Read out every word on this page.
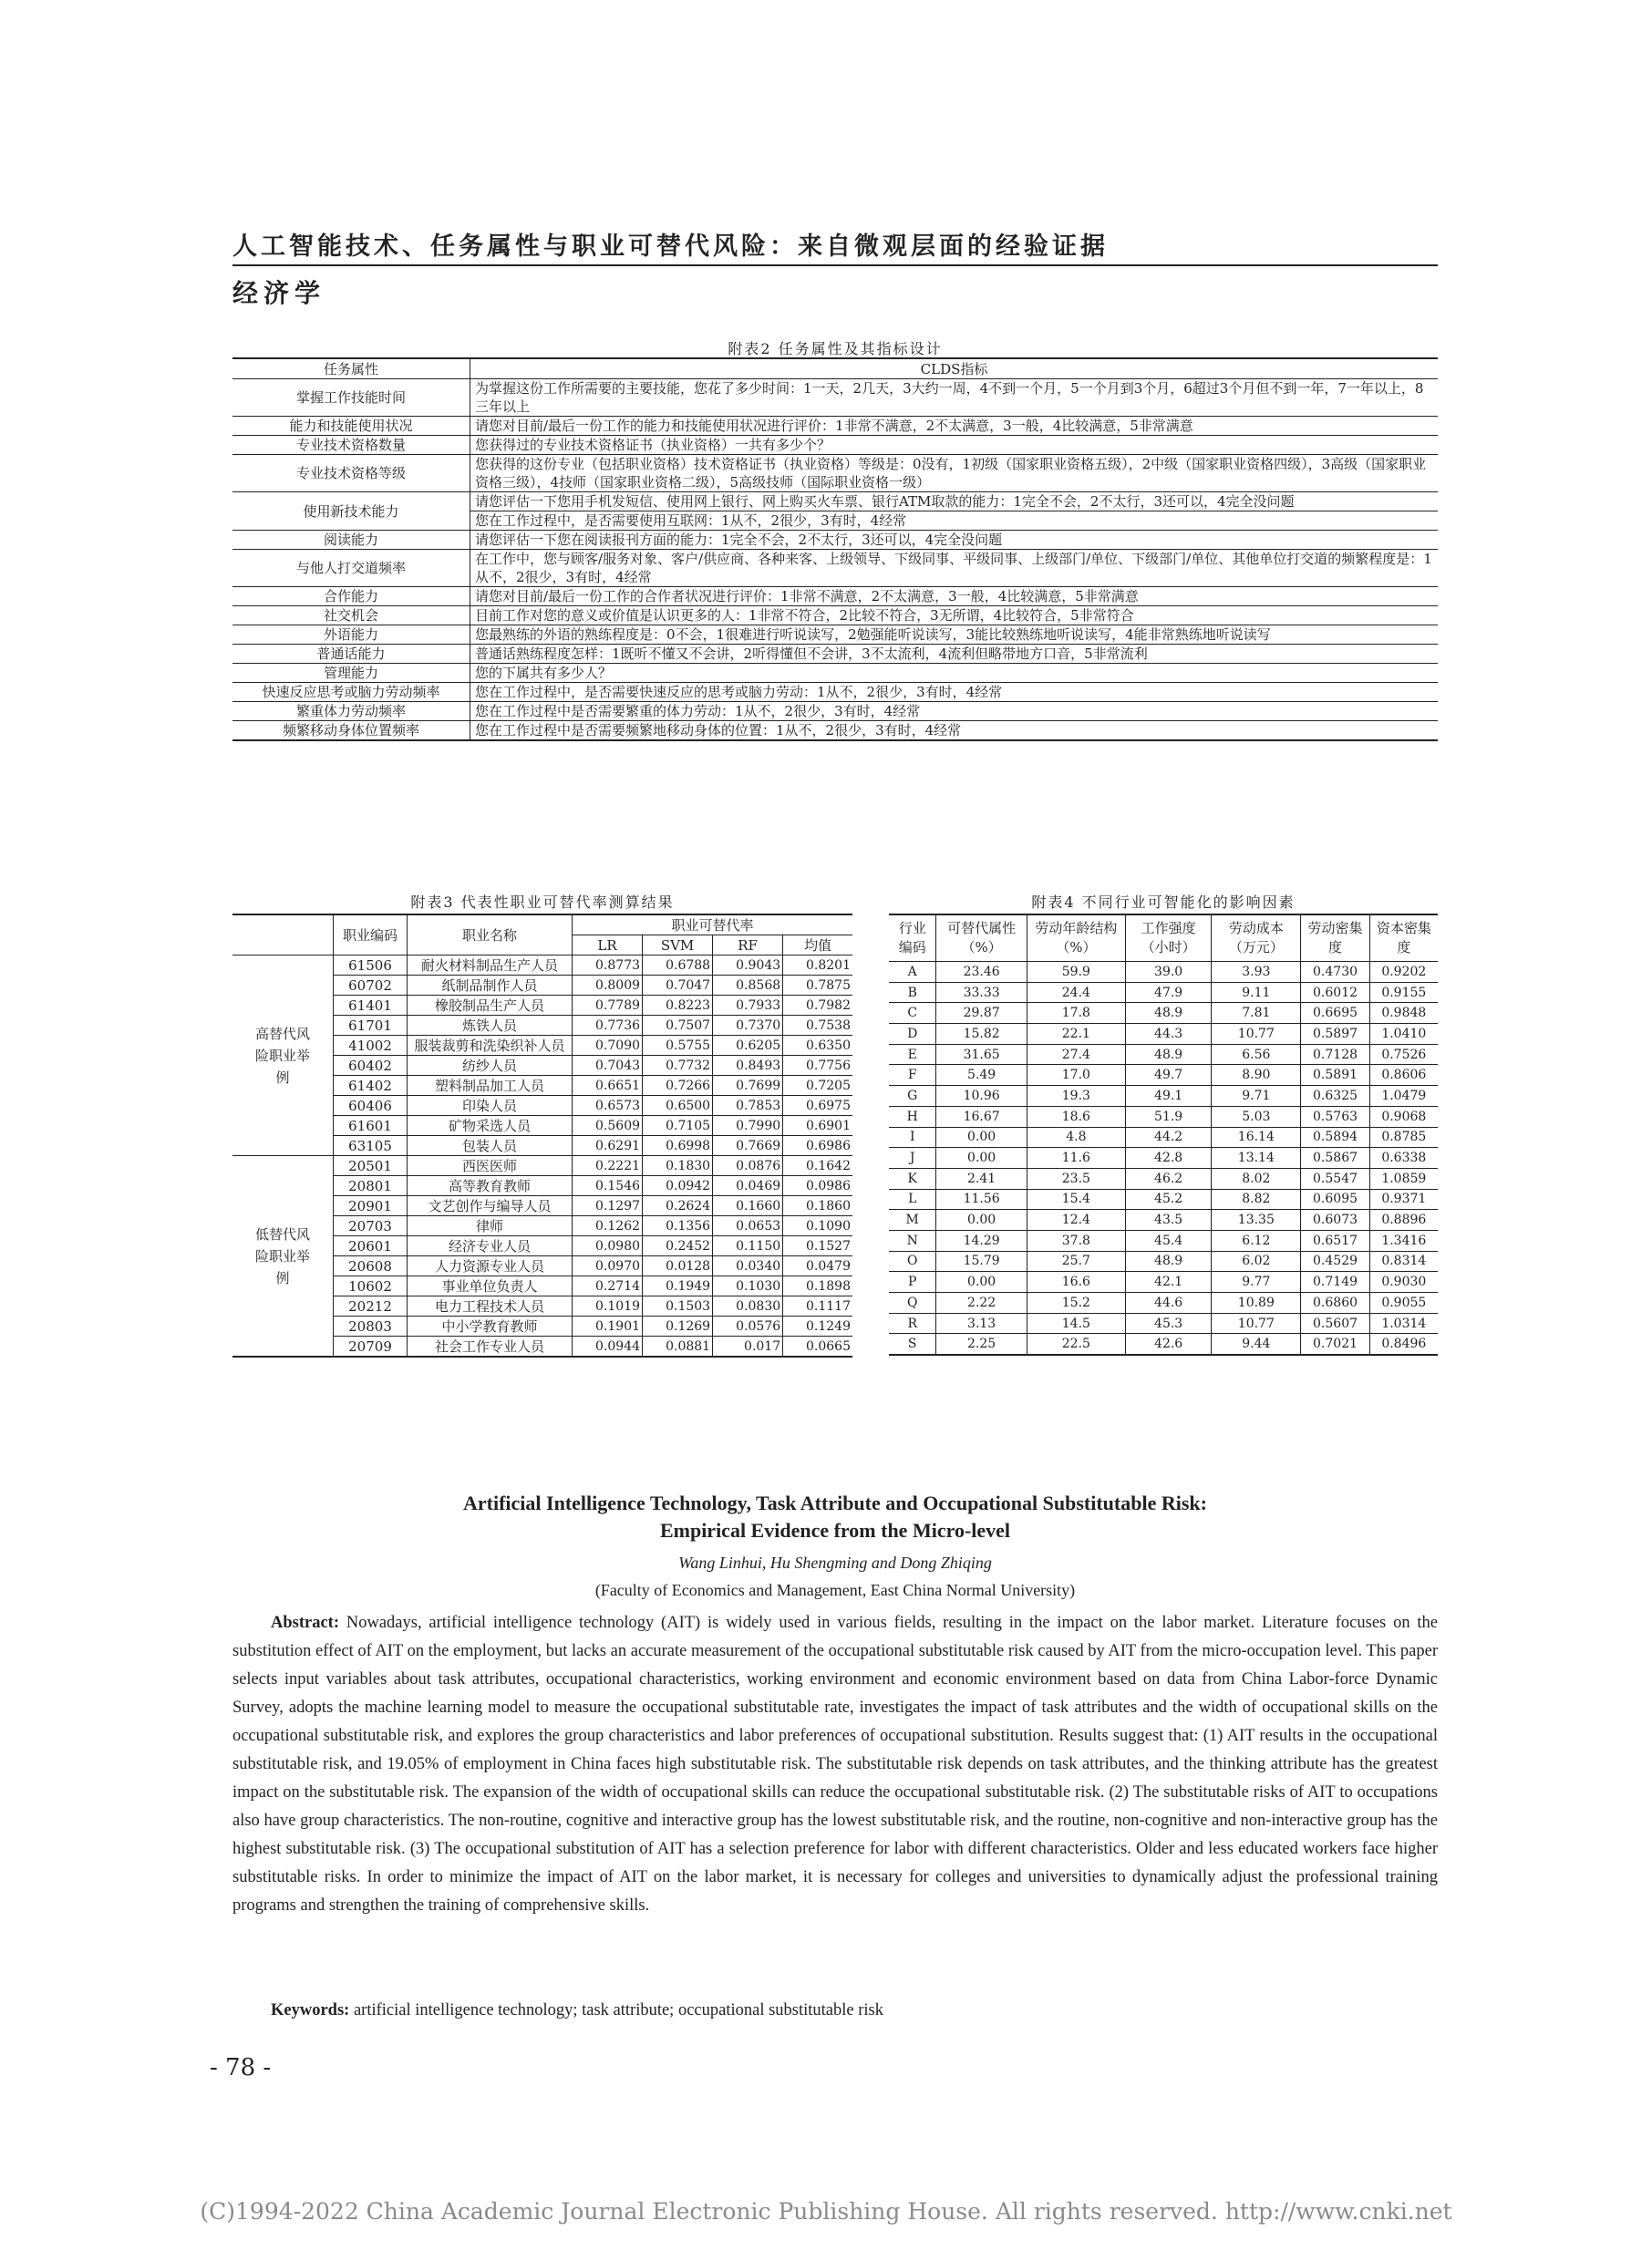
人工智能技术、任务属性与职业可替代风险：来自微观层面的经验证据
经济学
附表2 任务属性及其指标设计
任务属性	CLDS指标
掌握工作技能时间	为掌握这份工作所需要的主要技能，您花了多少时间：1一天，2几天，3大约一周，4不到一个月，5一个月到3个月，6超过3个月但不到一年，7一年以上，8三年以上
能力和技能使用状况	请您对目前/最后一份工作的能力和技能使用状况进行评价：1非常不满意，2不太满意，3一般，4比较满意，5非常满意
专业技术资格数量	您获得过的专业技术资格证书（执业资格）一共有多少个？
专业技术资格等级	您获得的这份专业（包括职业资格）技术资格证书（执业资格）等级是：0没有，1初级（国家职业资格五级），2中级（国家职业资格四级），3高级（国家职业资格三级），4技师（国家职业资格二级），5高级技师（国际职业资格一级）
使用新技术能力	请您评估一下您用手机发短信、使用网上银行、网上购买火车票、银行ATM取款的能力：1完全不会，2不太行，3还可以，4完全没问题
	您在工作过程中，是否需要使用互联网：1从不，2很少，3有时，4经常
阅读能力	请您评估一下您在阅读报刊方面的能力：1完全不会，2不太行，3还可以，4完全没问题
与他人打交道频率	在工作中，您与顾客/服务对象、客户/供应商、各种来客、上级领导、下级同事、平级同事、上级部门/单位、下级部门/单位、其他单位打交道的频繁程度是：1从不，2很少，3有时，4经常
合作能力	请您对目前/最后一份工作的合作者状况进行评价：1非常不满意，2不太满意，3一般，4比较满意，5非常满意
社交机会	目前工作对您的意义或价值是认识更多的人：1非常不符合，2比较不符合，3无所谓，4比较符合，5非常符合
外语能力	您最熟练的外语的熟练程度是：0不会，1很难进行听说读写，2勉强能听说读写，3能比较熟练地听说读写，4能非常熟练地听说读写
普通话能力	普通话熟练程度怎样：1既听不懂又不会讲，2听得懂但不会讲，3不太流利，4流利但略带地方口音，5非常流利
管理能力	您的下属共有多少人？
快速反应思考或脑力劳动频率	您在工作过程中，是否需要快速反应的思考或脑力劳动：1从不，2很少，3有时，4经常
繁重体力劳动频率	您在工作过程中是否需要繁重的体力劳动：1从不，2很少，3有时，4经常
频繁移动身体位置频率	您在工作过程中是否需要频繁地移动身体的位置：1从不，2很少，3有时，4经常
附表3 代表性职业可替代率测算结果
	职业编码	职业名称	职业可替代率			
			LR	SVM	RF	均值
高替代风险职业举例	61506	耐火材料制品生产人员	0.8773	0.6788	0.9043	0.8201
	60702	纸制品制作人员	0.8009	0.7047	0.8568	0.7875
	61401	橡胶制品生产人员	0.7789	0.8223	0.7933	0.7982
	61701	炼铁人员	0.7736	0.7507	0.7370	0.7538
	41002	服装裁剪和洗染织补人员	0.7090	0.5755	0.6205	0.6350
	60402	纺纱人员	0.7043	0.7732	0.8493	0.7756
	61402	塑料制品加工人员	0.6651	0.7266	0.7699	0.7205
	60406	印染人员	0.6573	0.6500	0.7853	0.6975
	61601	矿物采选人员	0.5609	0.7105	0.7990	0.6901
	63105	包装人员	0.6291	0.6998	0.7669	0.6986
低替代风险职业举例	20501	西医医师	0.2221	0.1830	0.0876	0.1642
	20801	高等教育教师	0.1546	0.0942	0.0469	0.0986
	20901	文艺创作与编导人员	0.1297	0.2624	0.1660	0.1860
	20703	律师	0.1262	0.1356	0.0653	0.1090
	20601	经济专业人员	0.0980	0.2452	0.1150	0.1527
	20608	人力资源专业人员	0.0970	0.0128	0.0340	0.0479
	10602	事业单位负责人	0.2714	0.1949	0.1030	0.1898
	20212	电力工程技术人员	0.1019	0.1503	0.0830	0.1117
	20803	中小学教育教师	0.1901	0.1269	0.0576	0.1249
	20709	社会工作专业人员	0.0944	0.0881	0.017	0.0665
附表4 不同行业可智能化的影响因素
行业编码	可替代属性（%）	劳动年龄结构（%）	工作强度（小时）	劳动成本（万元）	劳动密集度	资本密集度
A	23.46	59.9	39.0	3.93	0.4730	0.9202
B	33.33	24.4	47.9	9.11	0.6012	0.9155
C	29.87	17.8	48.9	7.81	0.6695	0.9848
D	15.82	22.1	44.3	10.77	0.5897	1.0410
E	31.65	27.4	48.9	6.56	0.7128	0.7526
F	5.49	17.0	49.7	8.90	0.5891	0.8606
G	10.96	19.3	49.1	9.71	0.6325	1.0479
H	16.67	18.6	51.9	5.03	0.5763	0.9068
I	0.00	4.8	44.2	16.14	0.5894	0.8785
J	0.00	11.6	42.8	13.14	0.5867	0.6338
K	2.41	23.5	46.2	8.02	0.5547	1.0859
L	11.56	15.4	45.2	8.82	0.6095	0.9371
M	0.00	12.4	43.5	13.35	0.6073	0.8896
N	14.29	37.8	45.4	6.12	0.6517	1.3416
O	15.79	25.7	48.9	6.02	0.4529	0.8314
P	0.00	16.6	42.1	9.77	0.7149	0.9030
Q	2.22	15.2	44.6	10.89	0.6860	0.9055
R	3.13	14.5	45.3	10.77	0.5607	1.0314
S	2.25	22.5	42.6	9.44	0.7021	0.8496
Artificial Intelligence Technology, Task Attribute and Occupational Substitutable Risk:
Empirical Evidence from the Micro-level
Wang Linhui, Hu Shengming and Dong Zhiqing
(Faculty of Economics and Management, East China Normal University)

Abstract: Nowadays, artificial intelligence technology (AIT) is widely used in various fields, resulting in the impact on the labor market. Literature focuses on the substitution effect of AIT on the employment, but lacks an accurate measurement of the occupational substitutable risk caused by AIT from the micro-occupation level. This paper selects input variables about task attributes, occupational characteristics, working environment and economic environment based on data from China Labor-force Dynamic Survey, adopts the machine learning model to measure the occupational substitutable rate, investigates the impact of task attributes and the width of occupational skills on the occupational substitutable risk, and explores the group characteristics and labor preferences of occupational substitution. Results suggest that: (1) AIT results in the occupational substitutable risk, and 19.05% of employment in China faces high substitutable risk. The substitutable risk depends on task attributes, and the thinking attribute has the greatest impact on the substitutable risk. The expansion of the width of occupational skills can reduce the occupational substitutable risk. (2) The substitutable risks of AIT to occupations also have group characteristics. The non-routine, cognitive and interactive group has the lowest substitutable risk, and the routine, non-cognitive and non-interactive group has the highest substitutable risk. (3) The occupational substitution of AIT has a selection preference for labor with different characteristics. Older and less educated workers face higher substitutable risks. In order to minimize the impact of AIT on the labor market, it is necessary for colleges and universities to dynamically adjust the professional training programs and strengthen the training of comprehensive skills.

Keywords: artificial intelligence technology; task attribute; occupational substitutable risk
- 78 -
(C)1994-2022 China Academic Journal Electronic Publishing House. All rights reserved. http://www.cnki.net
